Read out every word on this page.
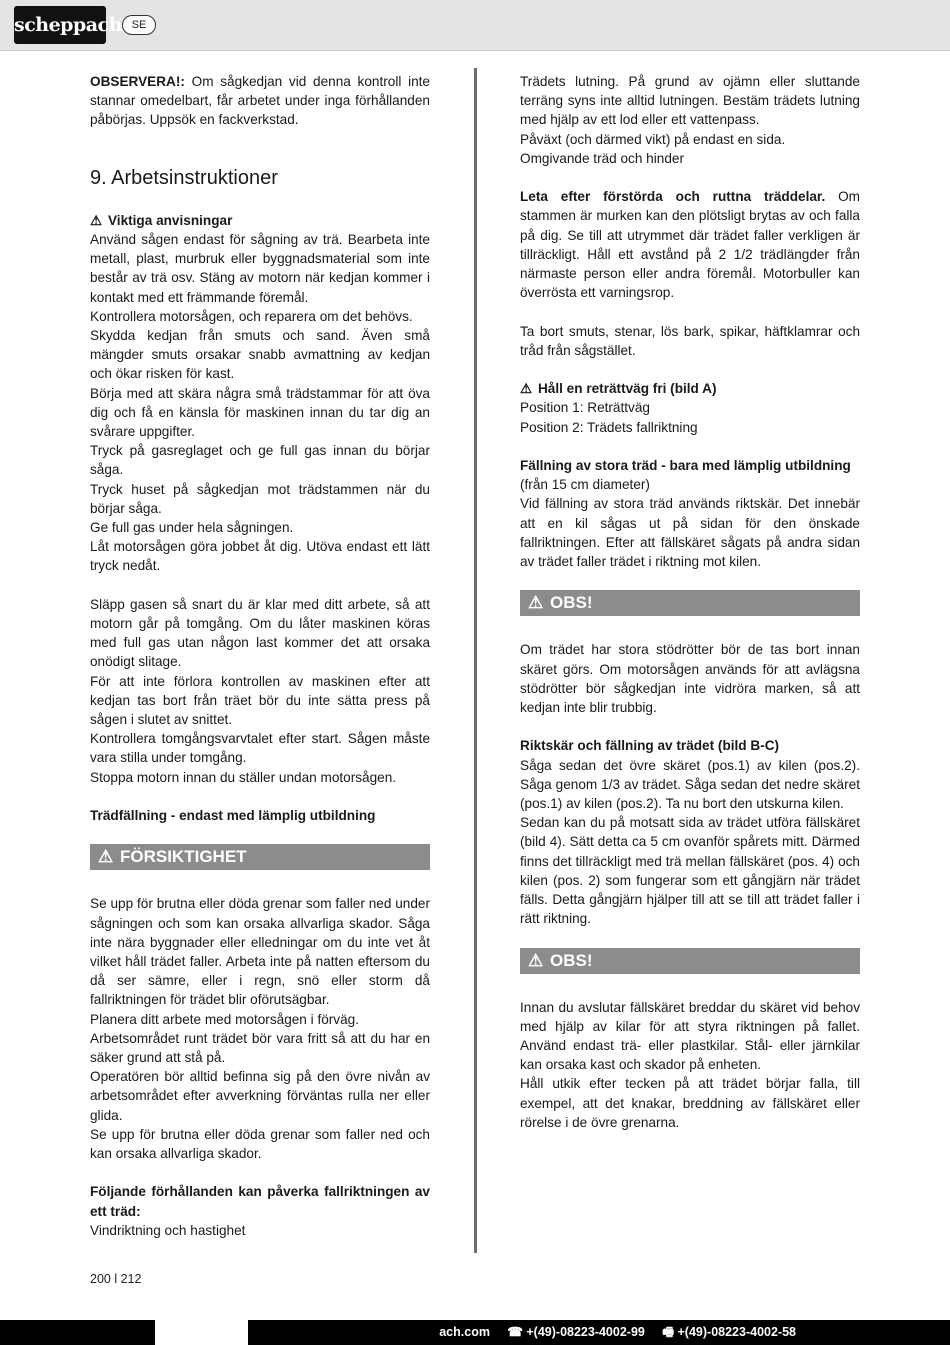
scheppach SE

OBSERVERA!: Om sågkedjan vid denna kontroll inte stannar omedelbart, får arbetet under inga förhållanden påbörjas. Uppsök en fackverkstad.

9. Arbetsinstruktioner

⚠ Viktiga anvisningar

Använd sågen endast för sågning av trä. Bearbeta inte metall, plast, murbruk eller byggnadsmaterial som inte består av trä osv. Stäng av motorn när kedjan kommer i kontakt med ett främmande föremål.

Kontrollera motorsågen, och reparera om det behövs.

Skydda kedjan från smuts och sand. Även små mängder smuts orsakar snabb avmattning av kedjan och ökar risken för kast.

Börja med att skära några små trädstammar för att öva dig och få en känsla för maskinen innan du tar dig an svårare uppgifter.

Tryck på gasreglaget och ge full gas innan du börjar såga.

Tryck huset på sågkedjan mot trädstammen när du börjar såga.

Ge full gas under hela sågningen.

Låt motorsågen göra jobbet åt dig. Utöva endast ett lätt tryck nedåt.

Släpp gasen så snart du är klar med ditt arbete, så att motorn går på tomgång. Om du låter maskinen köras med full gas utan någon last kommer det att orsaka onödigt slitage.

För att inte förlora kontrollen av maskinen efter att kedjan tas bort från träet bör du inte sätta press på sågen i slutet av snittet.

Kontrollera tomgångsvarvtalet efter start. Sågen måste vara stilla under tomgång.

Stoppa motorn innan du ställer undan motorsågen.

Trädfällning - endast med lämplig utbildning

⚠ FÖRSIKTIGHET

Se upp för brutna eller döda grenar som faller ned under sågningen och som kan orsaka allvarliga skador. Såga inte nära byggnader eller elledningar om du inte vet åt vilket håll trädet faller. Arbeta inte på natten eftersom du då ser sämre, eller i regn, snö eller storm då fallriktningen för trädet blir oförutsägbar.

Planera ditt arbete med motorsågen i förväg.

Arbetsområdet runt trädet bör vara fritt så att du har en säker grund att stå på.

Operatören bör alltid befinna sig på den övre nivån av arbetsområdet efter avverkning förväntas rulla ner eller glida.

Se upp för brutna eller döda grenar som faller ned och kan orsaka allvarliga skador.

Följande förhållanden kan påverka fallriktningen av ett träd:

Vindriktning och hastighet

Trädets lutning. På grund av ojämn eller sluttande terräng syns inte alltid lutningen. Bestäm trädets lutning med hjälp av ett lod eller ett vattenpass.

Påväxt (och därmed vikt) på endast en sida.

Omgivande träd och hinder

Leta efter förstörda och ruttna träddelar. Om stammen är murken kan den plötsligt brytas av och falla på dig. Se till att utrymmet där trädet faller verkligen är tillräckligt. Håll ett avstånd på 2 1/2 trädlängder från närmaste person eller andra föremål. Motorbuller kan överrösta ett varningsrop.

Ta bort smuts, stenar, lös bark, spikar, häftklamrar och tråd från sågstället.

⚠ Håll en reträttväg fri (bild A)

Position 1: Reträttväg

Position 2: Trädets fallriktning

Fällning av stora träd - bara med lämplig utbildning

(från 15 cm diameter)

Vid fällning av stora träd används riktskär. Det innebär att en kil sågas ut på sidan för den önskade fallriktningen. Efter att fällskäret sågats på andra sidan av trädet faller trädet i riktning mot kilen.

⚠ OBS!

Om trädet har stora stödrötter bör de tas bort innan skäret görs. Om motorsågen används för att avlägsna stödrötter bör sågkedjan inte vidröra marken, så att kedjan inte blir trubbig.

Riktskär och fällning av trädet (bild B-C)

Såga sedan det övre skäret (pos.1) av kilen (pos.2). Såga genom 1/3 av trädet. Såga sedan det nedre skäret (pos.1) av kilen (pos.2). Ta nu bort den utskurna kilen.

Sedan kan du på motsatt sida av trädet utföra fällskäret (bild 4). Sätt detta ca 5 cm ovanför spårets mitt. Därmed finns det tillräckligt med trä mellan fällskäret (pos. 4) och kilen (pos. 2) som fungerar som ett gångjärn när trädet fälls. Detta gångjärn hjälper till att se till att trädet faller i rätt riktning.

⚠ OBS!

Innan du avslutar fällskäret breddar du skäret vid behov med hjälp av kilar för att styra riktningen på fallet. Använd endast trä- eller plastkilar. Stål- eller järnkilar kan orsaka kast och skador på enheten.

Håll utkik efter tecken på att trädet börjar falla, till exempel, att det knakar, breddning av fällskäret eller rörelse i de övre grenarna.

200 l 212
ach.com ☎ +(49)-08223-4002-99 🖷 +(49)-08223-4002-58
